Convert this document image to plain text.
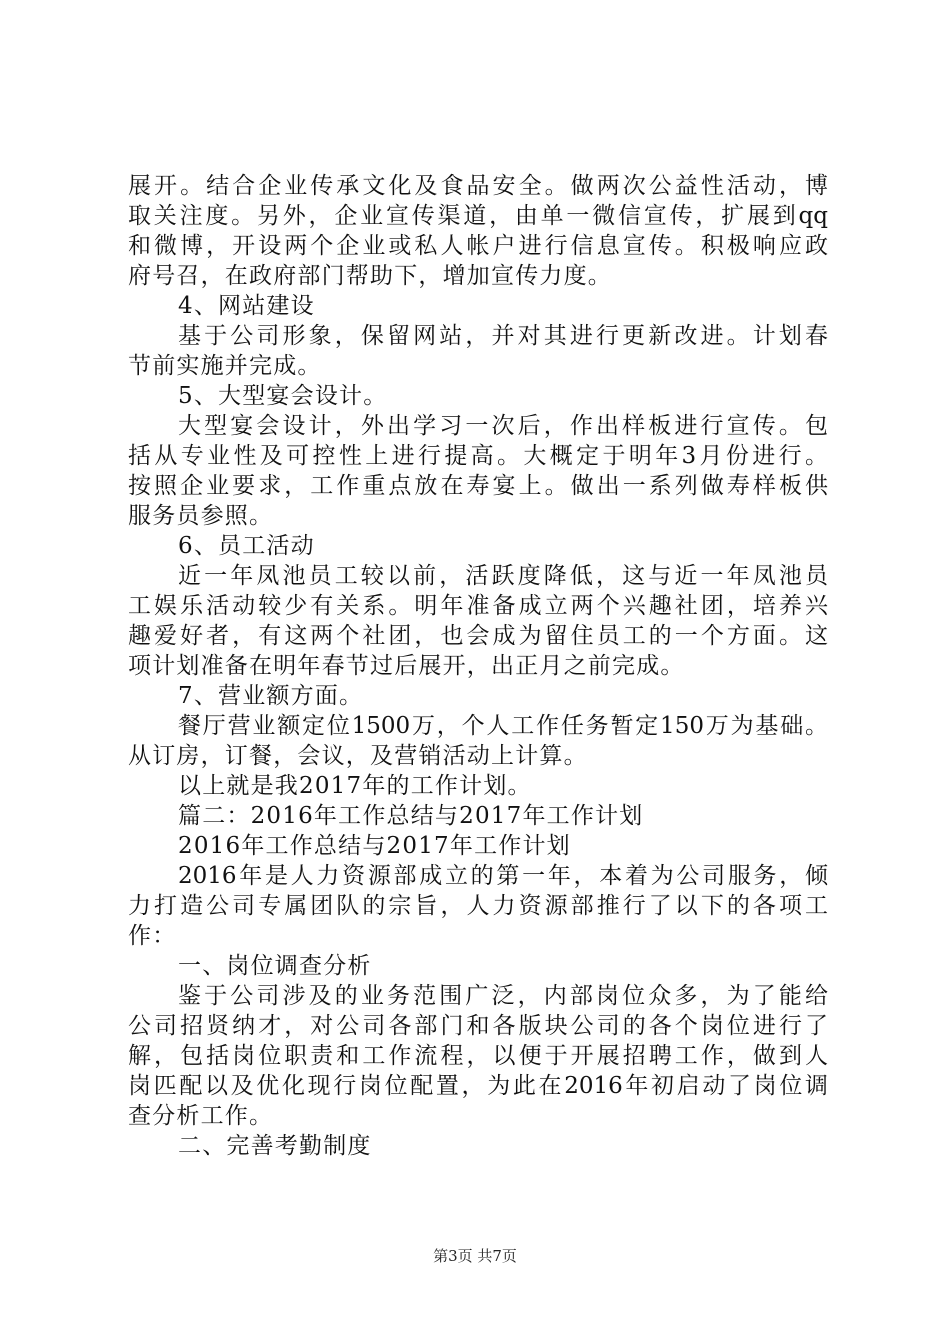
展开。结合企业传承文化及食品安全。做两次公益性活动，博
取关注度。另外，企业宣传渠道，由单一微信宣传，扩展到qq
和微博，开设两个企业或私人帐户进行信息宣传。积极响应政
府号召，在政府部门帮助下，增加宣传力度。
4、网站建设
基于公司形象，保留网站，并对其进行更新改进。计划春
节前实施并完成。
5、大型宴会设计。
大型宴会设计，外出学习一次后，作出样板进行宣传。包
括从专业性及可控性上进行提高。大概定于明年3月份进行。
按照企业要求，工作重点放在寿宴上。做出一系列做寿样板供
服务员参照。
6、员工活动
近一年凤池员工较以前，活跃度降低，这与近一年凤池员
工娱乐活动较少有关系。明年准备成立两个兴趣社团，培养兴
趣爱好者，有这两个社团，也会成为留住员工的一个方面。这
项计划准备在明年春节过后展开，出正月之前完成。
7、营业额方面。
餐厅营业额定位1500万，个人工作任务暂定150万为基础。
从订房，订餐，会议，及营销活动上计算。
以上就是我2017年的工作计划。
篇二：2016年工作总结与2017年工作计划
2016年工作总结与2017年工作计划
2016年是人力资源部成立的第一年，本着为公司服务，倾
力打造公司专属团队的宗旨，人力资源部推行了以下的各项工
作：
一、岗位调查分析
鉴于公司涉及的业务范围广泛，内部岗位众多，为了能给
公司招贤纳才，对公司各部门和各版块公司的各个岗位进行了
解，包括岗位职责和工作流程，以便于开展招聘工作，做到人
岗匹配以及优化现行岗位配置，为此在2016年初启动了岗位调
查分析工作。
二、完善考勤制度
第3页 共7页
